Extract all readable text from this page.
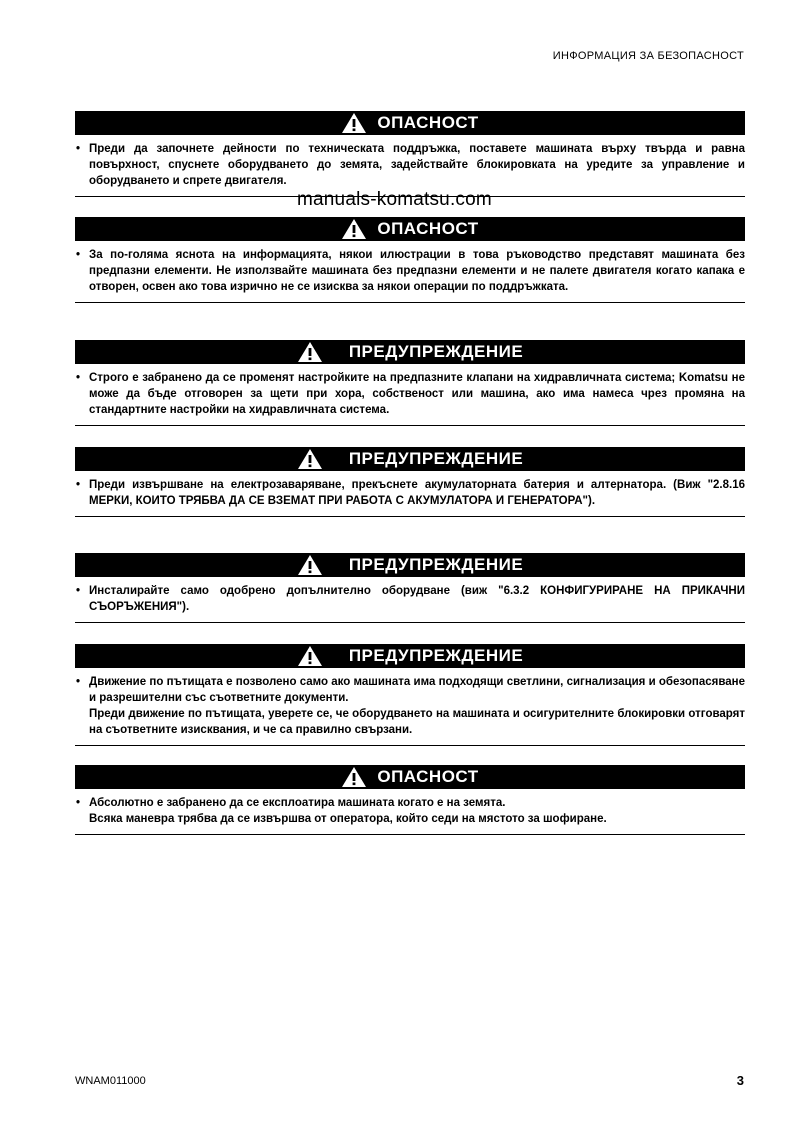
ИНФОРМАЦИЯ ЗА БЕЗОПАСНОСТ
ОПАСНОСТ
• Преди да започнете дейности по техническата поддръжка, поставете машината върху твърда и равна повърхност, спуснете оборудването до земята, задействайте блокировката на уредите за управление и оборудването и спрете двигателя.
ОПАСНОСТ
• За по-голяма яснота на информацията, някои илюстрации в това ръководство представят машината без предпазни елементи. Не използвайте машината без предпазни елементи и не палете двигателя когато капака е отворен, освен ако това изрично не се изисква за някои операции по поддръжката.
ПРЕДУПРЕЖДЕНИЕ
• Строго е забранено да се променят настройките на предпазните клапани на хидравличната система; Komatsu не може да бъде отговорен за щети при хора, собственост или машина, ако има намеса чрез промяна на стандартните настройки на хидравличната система.
ПРЕДУПРЕЖДЕНИЕ
• Преди извършване на електрозаваряване, прекъснете акумулаторната батерия и алтернатора. (Виж "2.8.16 МЕРКИ, КОИТО ТРЯБВА ДА СЕ ВЗЕМАТ ПРИ РАБОТА С АКУМУЛАТОРА И ГЕНЕРАТОРА").
ПРЕДУПРЕЖДЕНИЕ
• Инсталирайте само одобрено допълнително оборудване (виж "6.3.2 КОНФИГУРИРАНЕ НА ПРИКАЧНИ СЪОРЪЖЕНИЯ").
ПРЕДУПРЕЖДЕНИЕ
• Движение по пътищата е позволено само ако машината има подходящи светлини, сигнализация и обезопасяване и разрешителни със съответните документи.
Преди движение по пътищата, уверете се, че оборудването на машината и осигурителните блокировки отговарят на съответните изисквания, и че са правилно свързани.
ОПАСНОСТ
• Абсолютно е забранено да се експлоатира машината когато е на земята.
Всяка маневра трябва да се извършва от оператора, който седи на мястото за шофиране.
manuals-komatsu.com
WNAM011000	3
